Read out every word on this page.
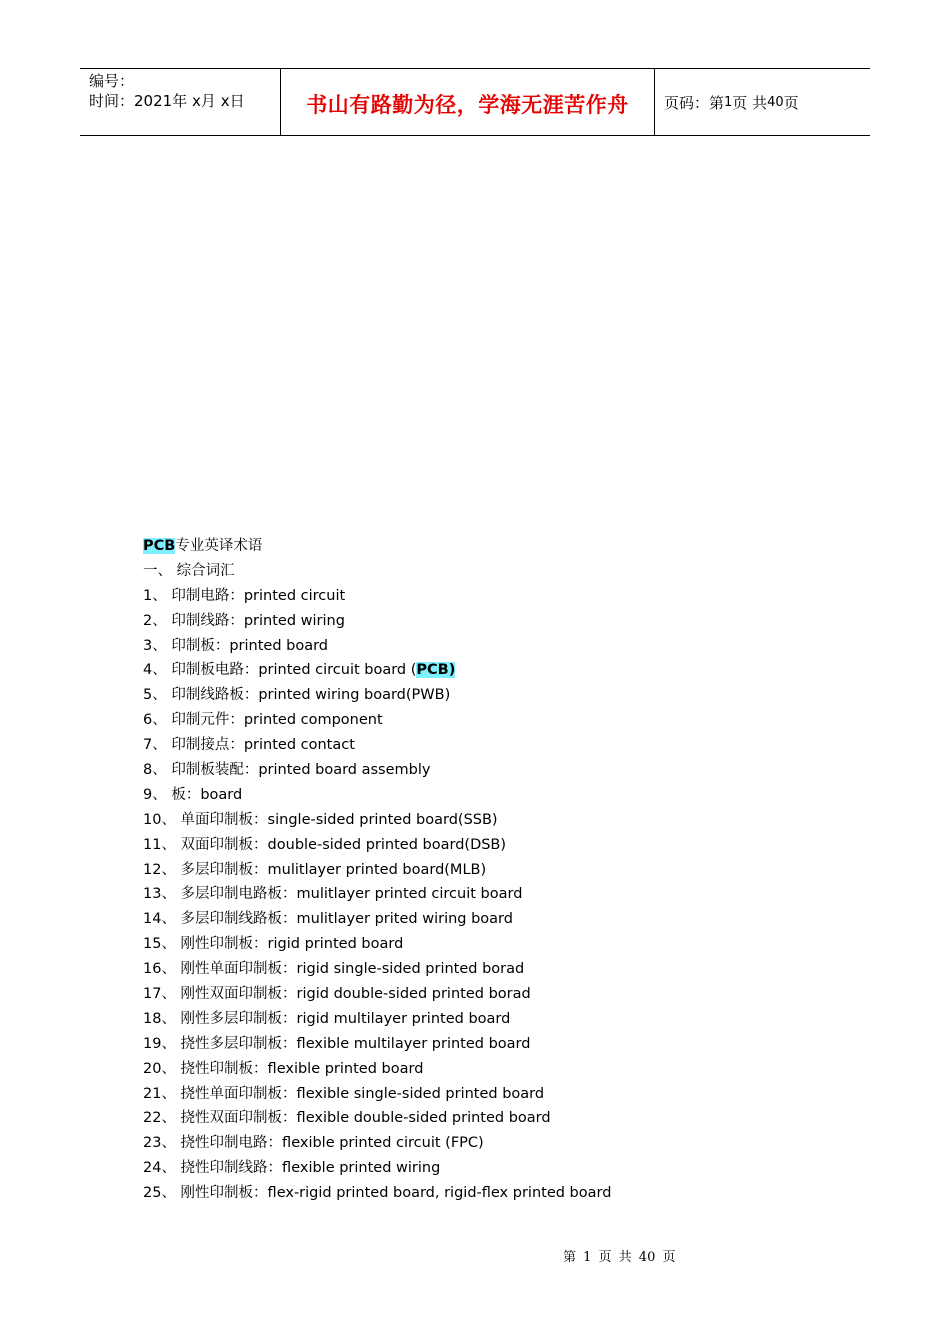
编号：
时间：2021年 x月 x日	书山有路勤为径，学海无涯苦作舟 页码：第 1 页
共 40 页
PCB专业英译术语
一、 综合词汇
1、 印制电路：printed circuit
2、 印制线路：printed wiring
3、 印制板：printed board
4、 印制板电路：printed circuit board (PCB)
5、 印制线路板：printed wiring board(PWB)
6、 印制元件：printed component
7、 印制接点：printed contact
8、 印制板装配：printed board assembly
9、 板：board
10、 单面印制板：single-sided printed board(SSB)
11、 双面印制板：double-sided printed board(DSB)
12、 多层印制板：mulitlayer printed board(MLB)
13、 多层印制电路板：mulitlayer printed circuit board
14、 多层印制线路板：mulitlayer prited wiring board
15、 刚性印制板：rigid printed board
16、 刚性单面印制板：rigid single-sided printed borad
17、 刚性双面印制板：rigid double-sided printed borad
18、 刚性多层印制板：rigid multilayer printed board
19、 挠性多层印制板：flexible multilayer printed board
20、 挠性印制板：flexible printed board
21、 挠性单面印制板：flexible single-sided printed board
22、 挠性双面印制板：flexible double-sided printed board
23、 挠性印制电路：flexible printed circuit (FPC)
24、 挠性印制线路：flexible printed wiring
25、 刚性印制板：flex-rigid printed board, rigid-flex printed board
第 1 页 共 40 页
